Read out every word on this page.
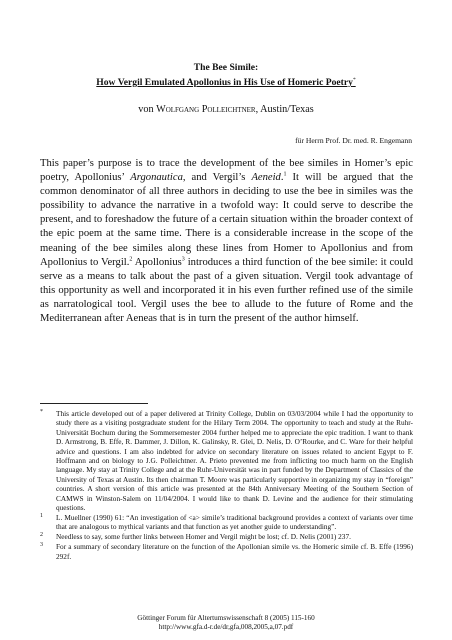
The Bee Simile:

How Vergil Emulated Apollonius in His Use of Homeric Poetry*

von Wolfgang Polleichtner, Austin/Texas

für Herrn Prof. Dr. med. R. Engemann

This paper’s purpose is to trace the development of the bee similes in Homer’s epic poetry, Apollonius’ Argonautica, and Vergil’s Aeneid.$^1$ It will be argued that the common denominator of all three authors in deciding to use the bee in similes was the possibility to advance the narrative in a twofold way: It could serve to describe the present, and to foreshadow the future of a certain situation within the broader context of the epic poem at the same time. There is a considerable increase in the scope of the meaning of the bee similes along these lines from Homer to Apollonius and from Apollonius to Vergil.$^2$ Apollonius$^3$ introduces a third function of the bee simile: it could serve as a means to talk about the past of a given situation. Vergil took advantage of this opportunity as well and incorporated it in his even further refined use of the simile as narratological tool. Vergil uses the bee to allude to the future of Rome and the Mediterranean after Aeneas that is in turn the present of the author himself.

* This article developed out of a paper delivered at Trinity College, Dublin on 03/03/2004 while I had the opportunity to study there as a visiting postgraduate student for the Hilary Term 2004. The opportunity to teach and study at the Ruhr-Universität Bochum during the Sommersemester 2004 further helped me to appreciate the epic tradition. I want to thank D. Armstrong, B. Effe, R. Dammer, J. Dillon, K. Galinsky, R. Glei, D. Nelis, D. O’Rourke, and C. Ware for their helpful advice and questions. I am also indebted for advice on secondary literature on issues related to ancient Egypt to F. Hoffmann and on biology to J.G. Polleichtner. A. Prieto prevented me from inflicting too much harm on the English language. My stay at Trinity College and at the Ruhr-Universität was in part funded by the Department of Classics of the University of Texas at Austin. Its then chairman T. Moore was particularly supportive in organizing my stay in “foreign” countries. A short version of this article was presented at the 84th Anniversary Meeting of the Southern Section of CAMWS in Winston-Salem on 11/04/2004. I would like to thank D. Levine and the audience for their stimulating questions.
1 L. Muellner (1990) 61: “An investigation of <a> simile’s traditional background provides a context of variants over time that are analogous to mythical variants and that function as yet another guide to understanding”.
2 Needless to say, some further links between Homer and Vergil might be lost; cf. D. Nelis (2001) 237.
3 For a summary of secondary literature on the function of the Apollonian simile vs. the Homeric simile cf. B. Effe (1996) 292f.
Göttinger Forum für Altertumswissenschaft 8 (2005) 115-160
http://www.gfa.d-r.de/dr,gfa,008,2005,a,07.pdf
